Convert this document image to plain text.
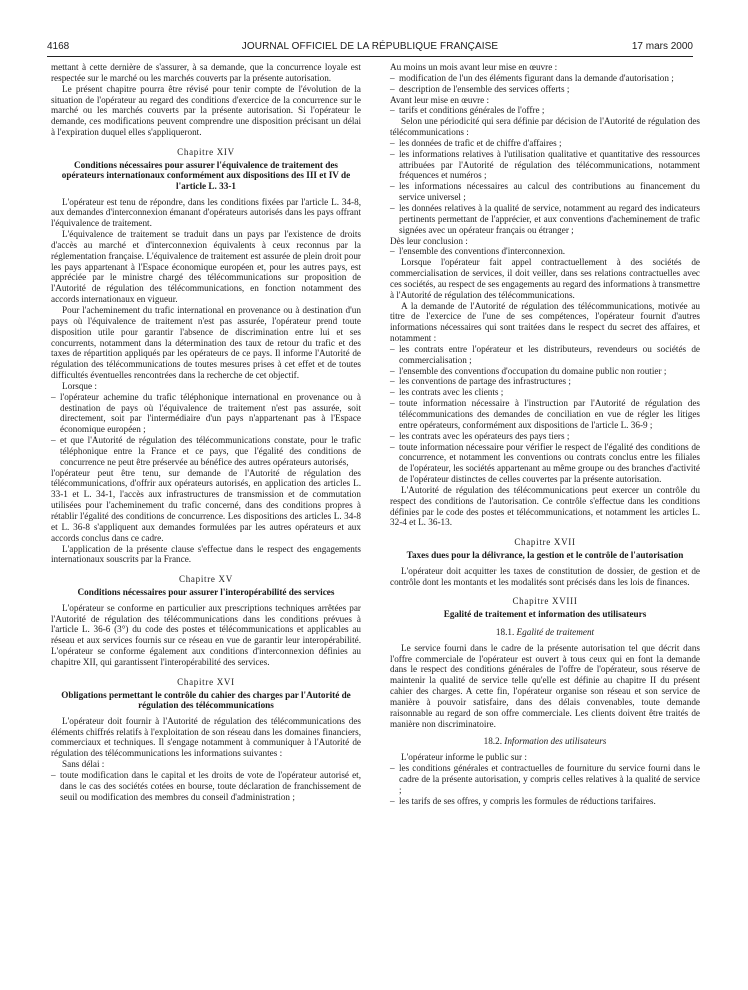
4168	JOURNAL OFFICIEL DE LA RÉPUBLIQUE FRANÇAISE	17 mars 2000

mettant à cette dernière de s'assurer, à sa demande, que la concurrence loyale est respectée sur le marché ou les marchés couverts par la présente autorisation.

Le présent chapitre pourra être révisé pour tenir compte de l'évolution de la situation de l'opérateur au regard des conditions d'exercice de la concurrence sur le marché ou les marchés couverts par la présente autorisation. Si l'opérateur le demande, ces modifications peuvent comprendre une disposition précisant un délai à l'expiration duquel elles s'appliqueront.

Chapitre XIV
Conditions nécessaires pour assurer l'équivalence de traitement des opérateurs internationaux conformément aux dispositions des III et IV de l'article L. 33-1

L'opérateur est tenu de répondre, dans les conditions fixées par l'article L. 34-8, aux demandes d'interconnexion émanant d'opérateurs autorisés dans les pays offrant l'équivalence de traitement.

L'équivalence de traitement se traduit dans un pays par l'existence de droits d'accès au marché et d'interconnexion équivalents à ceux reconnus par la réglementation française. L'équivalence de traitement est assurée de plein droit pour les pays appartenant à l'Espace économique européen et, pour les autres pays, est appréciée par le ministre chargé des télécommunications sur proposition de l'Autorité de régulation des télécommunications, en fonction notamment des accords internationaux en vigueur.

Pour l'acheminement du trafic international en provenance ou à destination d'un pays où l'équivalence de traitement n'est pas assurée, l'opérateur prend toute disposition utile pour garantir l'absence de discrimination entre lui et ses concurrents, notamment dans la détermination des taux de retour du trafic et des taxes de répartition appliqués par les opérateurs de ce pays. Il informe l'Autorité de régulation des télécommunications de toutes mesures prises à cet effet et de toutes difficultés éventuelles rencontrées dans la recherche de cet objectif.

Lorsque :

– l'opérateur achemine du trafic téléphonique international en provenance ou à destination de pays où l'équivalence de traitement n'est pas assurée, soit directement, soit par l'intermédiaire d'un pays n'appartenant pas à l'Espace économique européen ;

– et que l'Autorité de régulation des télécommunications constate, pour le trafic téléphonique entre la France et ce pays, que l'égalité des conditions de concurrence ne peut être préservée au bénéfice des autres opérateurs autorisés,

l'opérateur peut être tenu, sur demande de l'Autorité de régulation des télécommunications, d'offrir aux opérateurs autorisés, en application des articles L. 33-1 et L. 34-1, l'accès aux infrastructures de transmission et de commutation utilisées pour l'acheminement du trafic concerné, dans des conditions propres à rétablir l'égalité des conditions de concurrence. Les dispositions des articles L. 34-8 et L. 36-8 s'appliquent aux demandes formulées par les autres opérateurs et aux accords conclus dans ce cadre.

L'application de la présente clause s'effectue dans le respect des engagements internationaux souscrits par la France.

Chapitre XV
Conditions nécessaires pour assurer l'interopérabilité des services

L'opérateur se conforme en particulier aux prescriptions techniques arrêtées par l'Autorité de régulation des télécommunications dans les conditions prévues à l'article L. 36-6 (3°) du code des postes et télécommunications et applicables au réseau et aux services fournis sur ce réseau en vue de garantir leur interopérabilité. L'opérateur se conforme également aux conditions d'interconnexion définies au chapitre XII, qui garantissent l'interopérabilité des services.

Chapitre XVI
Obligations permettant le contrôle du cahier des charges par l'Autorité de régulation des télécommunications

L'opérateur doit fournir à l'Autorité de régulation des télécommunications des éléments chiffrés relatifs à l'exploitation de son réseau dans les domaines financiers, commerciaux et techniques. Il s'engage notamment à communiquer à l'Autorité de régulation des télécommunications les informations suivantes :

Sans délai :

– toute modification dans le capital et les droits de vote de l'opérateur autorisé et, dans le cas des sociétés cotées en bourse, toute déclaration de franchissement de seuil ou modification des membres du conseil d'administration ;

Au moins un mois avant leur mise en œuvre :

– modification de l'un des éléments figurant dans la demande d'autorisation ;

– description de l'ensemble des services offerts ;

Avant leur mise en œuvre :

– tarifs et conditions générales de l'offre ;

Selon une périodicité qui sera définie par décision de l'Autorité de régulation des télécommunications :

– les données de trafic et de chiffre d'affaires ;

– les informations relatives à l'utilisation qualitative et quantitative des ressources attribuées par l'Autorité de régulation des télécommunications, notamment fréquences et numéros ;

– les informations nécessaires au calcul des contributions au financement du service universel ;

– les données relatives à la qualité de service, notamment au regard des indicateurs pertinents permettant de l'apprécier, et aux conventions d'acheminement de trafic signées avec un opérateur français ou étranger ;

Dès leur conclusion :

– l'ensemble des conventions d'interconnexion.

Lorsque l'opérateur fait appel contractuellement à des sociétés de commercialisation de services, il doit veiller, dans ses relations contractuelles avec ces sociétés, au respect de ses engagements au regard des informations à transmettre à l'Autorité de régulation des télécommunications.

A la demande de l'Autorité de régulation des télécommunications, motivée au titre de l'exercice de l'une de ses compétences, l'opérateur fournit d'autres informations nécessaires qui sont traitées dans le respect du secret des affaires, et notamment :

– les contrats entre l'opérateur et les distributeurs, revendeurs ou sociétés de commercialisation ;

– l'ensemble des conventions d'occupation du domaine public non routier ;

– les conventions de partage des infrastructures ;

– les contrats avec les clients ;

– toute information nécessaire à l'instruction par l'Autorité de régulation des télécommunications des demandes de conciliation en vue de régler les litiges entre opérateurs, conformément aux dispositions de l'article L. 36-9 ;

– les contrats avec les opérateurs des pays tiers ;

– toute information nécessaire pour vérifier le respect de l'égalité des conditions de concurrence, et notamment les conventions ou contrats conclus entre les filiales de l'opérateur, les sociétés appartenant au même groupe ou des branches d'activité de l'opérateur distinctes de celles couvertes par la présente autorisation.

L'Autorité de régulation des télécommunications peut exercer un contrôle du respect des conditions de l'autorisation. Ce contrôle s'effectue dans les conditions définies par le code des postes et télécommunications, et notamment les articles L. 32-4 et L. 36-13.

Chapitre XVII
Taxes dues pour la délivrance, la gestion et le contrôle de l'autorisation

L'opérateur doit acquitter les taxes de constitution de dossier, de gestion et de contrôle dont les montants et les modalités sont précisés dans les lois de finances.

Chapitre XVIII
Egalité de traitement et information des utilisateurs
18.1. Egalité de traitement

Le service fourni dans le cadre de la présente autorisation tel que décrit dans l'offre commerciale de l'opérateur est ouvert à tous ceux qui en font la demande dans le respect des conditions générales de l'offre de l'opérateur, sous réserve de maintenir la qualité de service telle qu'elle est définie au chapitre II du présent cahier des charges. A cette fin, l'opérateur organise son réseau et son service de manière à pouvoir satisfaire, dans des délais convenables, toute demande raisonnable au regard de son offre commerciale. Les clients doivent être traités de manière non discriminatoire.

18.2. Information des utilisateurs

L'opérateur informe le public sur :

– les conditions générales et contractuelles de fourniture du service fourni dans le cadre de la présente autorisation, y compris celles relatives à la qualité de service ;

– les tarifs de ses offres, y compris les formules de réductions tarifaires.
